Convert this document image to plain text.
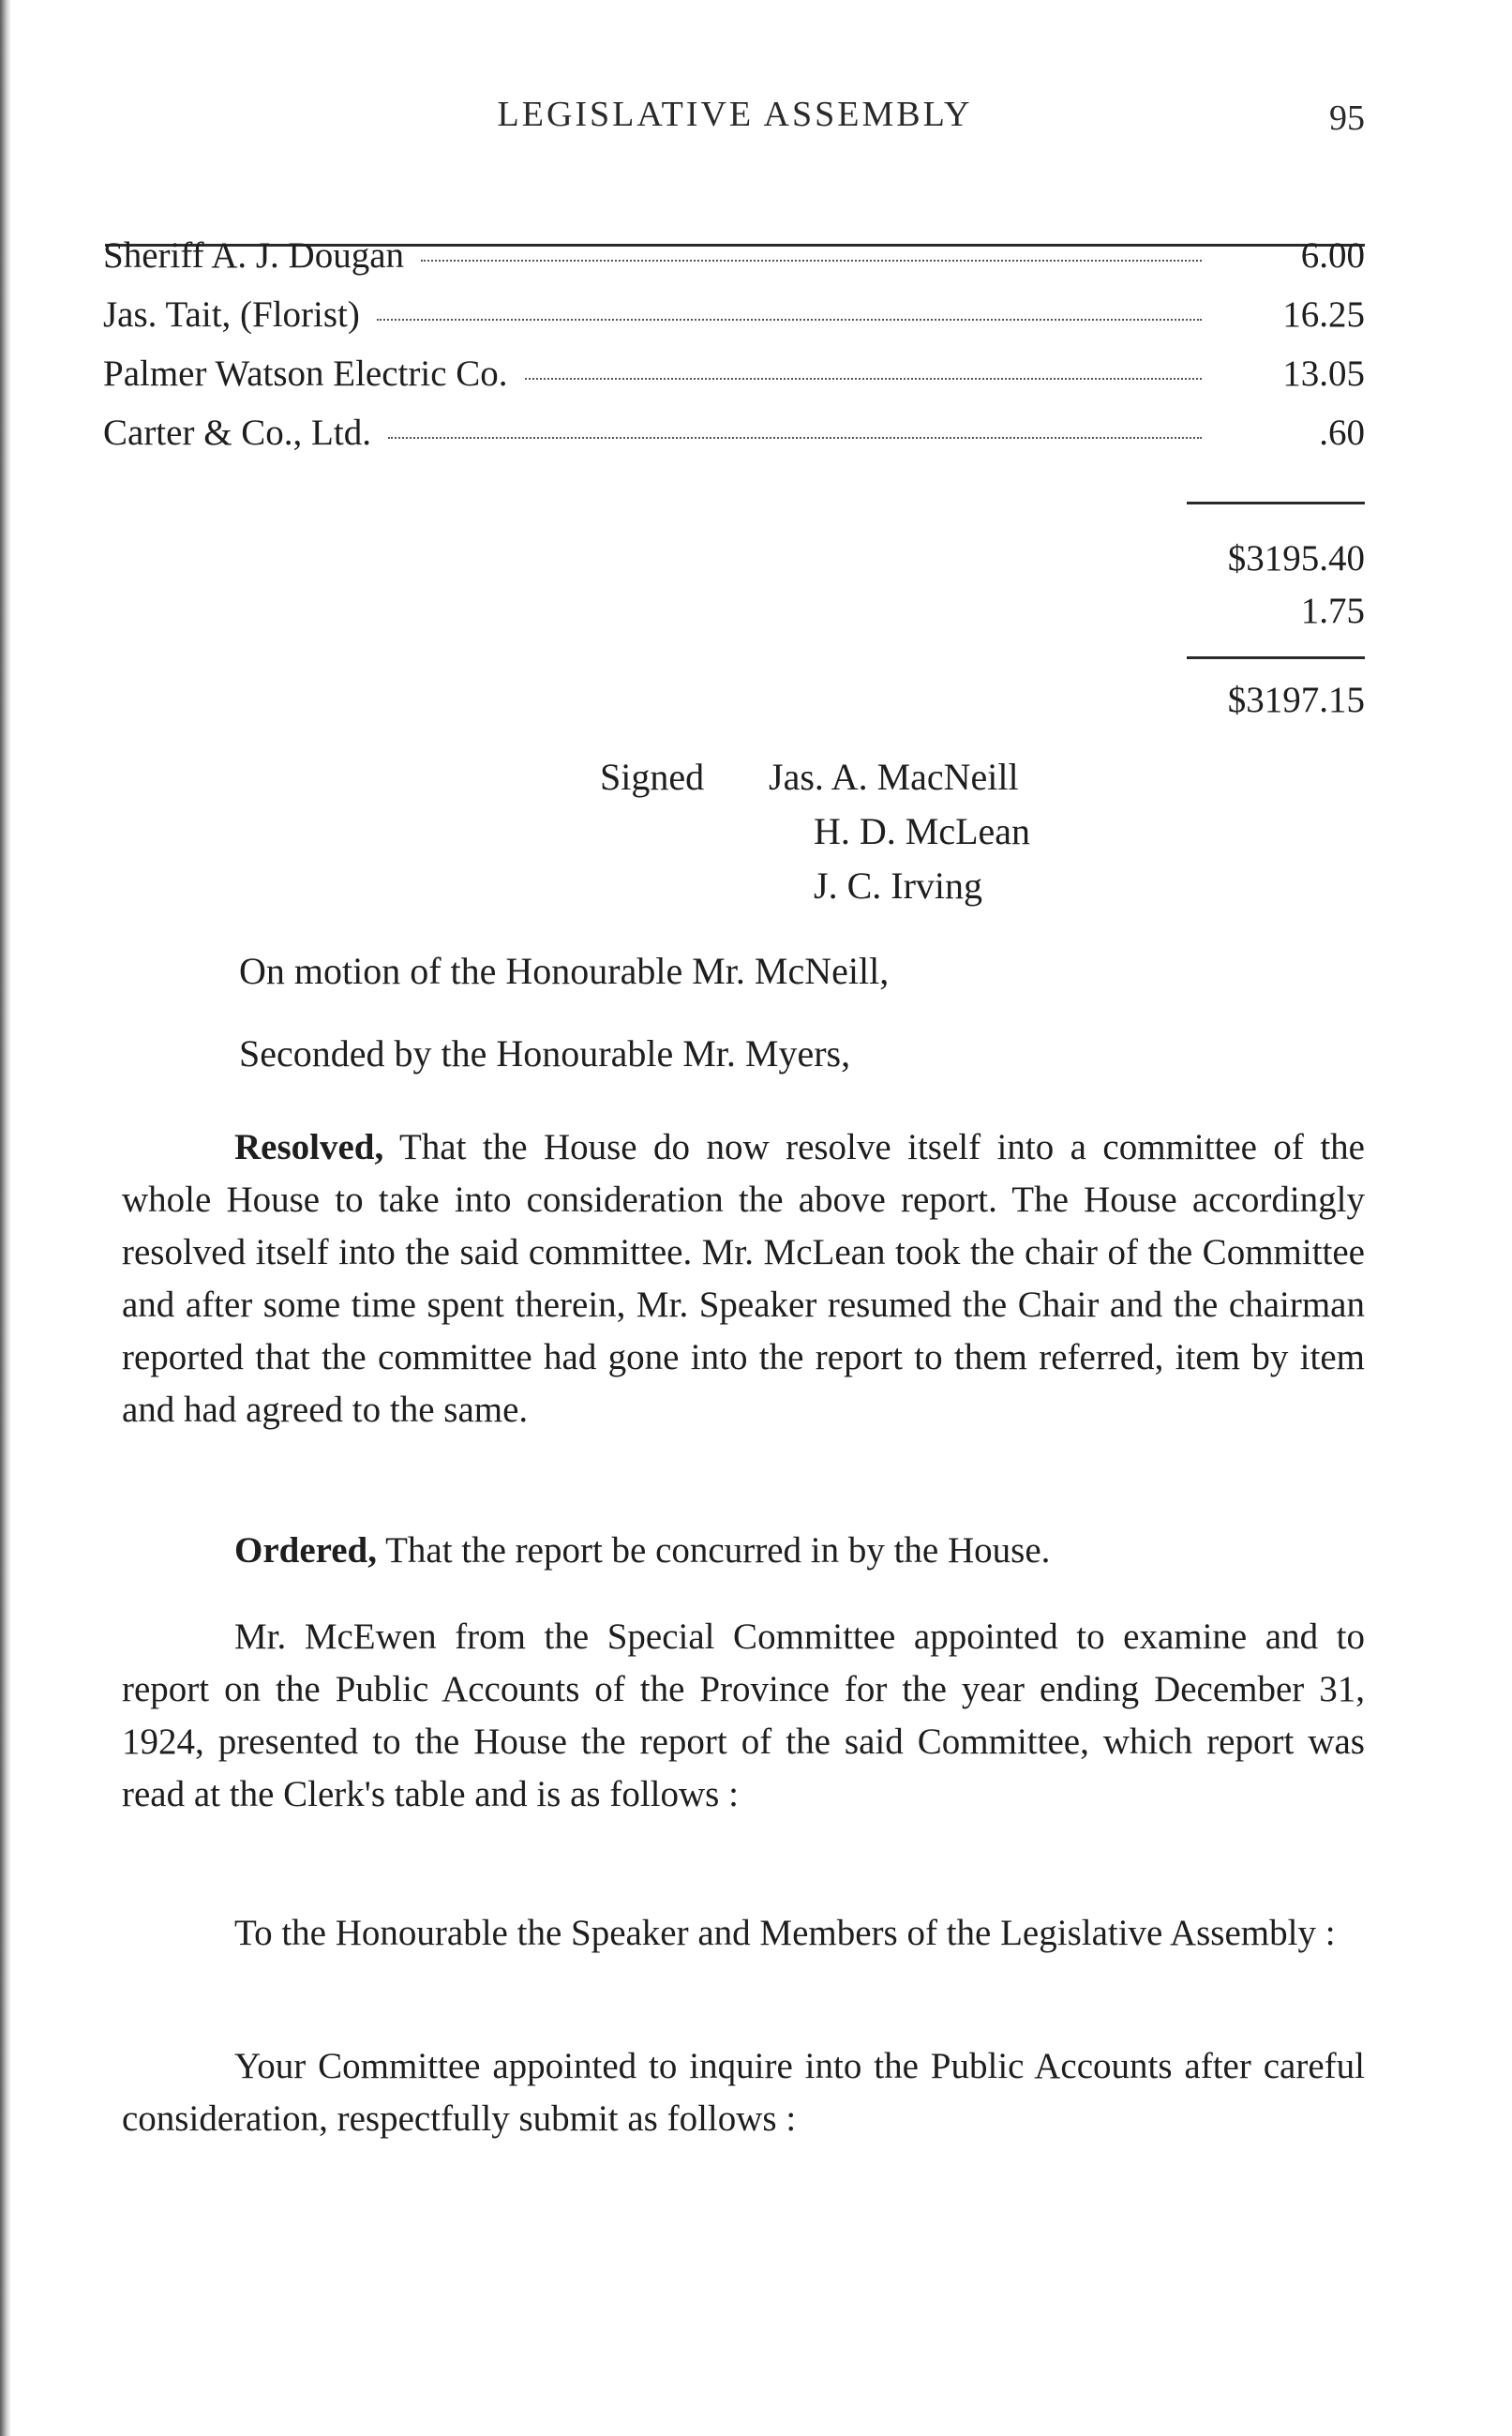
LEGISLATIVE ASSEMBLY	95
Sheriff A. J. Dougan	6.00
Jas. Tait, (Florist)	16.25
Palmer Watson Electric Co.	13.05
Carter & Co., Ltd.	.60
$3195.40
1.75
$3197.15
Signed	Jas. A. MacNeill
H. D. McLean
J. C. Irving
On motion of the Honourable Mr. McNeill,
Seconded by the Honourable Mr. Myers,
Resolved, That the House do now resolve itself into a committee of the whole House to take into consideration the above report. The House accordingly resolved itself into the said committee. Mr. McLean took the chair of the Committee and after some time spent therein, Mr. Speaker resumed the Chair and the chairman reported that the committee had gone into the report to them referred, item by item and had agreed to the same.
Ordered, That the report be concurred in by the House.
Mr. McEwen from the Special Committee appointed to examine and to report on the Public Accounts of the Province for the year ending December 31, 1924, presented to the House the report of the said Committee, which report was read at the Clerk's table and is as follows :
To the Honourable the Speaker and Members of the Legislative Assembly :
Your Committee appointed to inquire into the Public Accounts after careful consideration, respectfully submit as follows :
